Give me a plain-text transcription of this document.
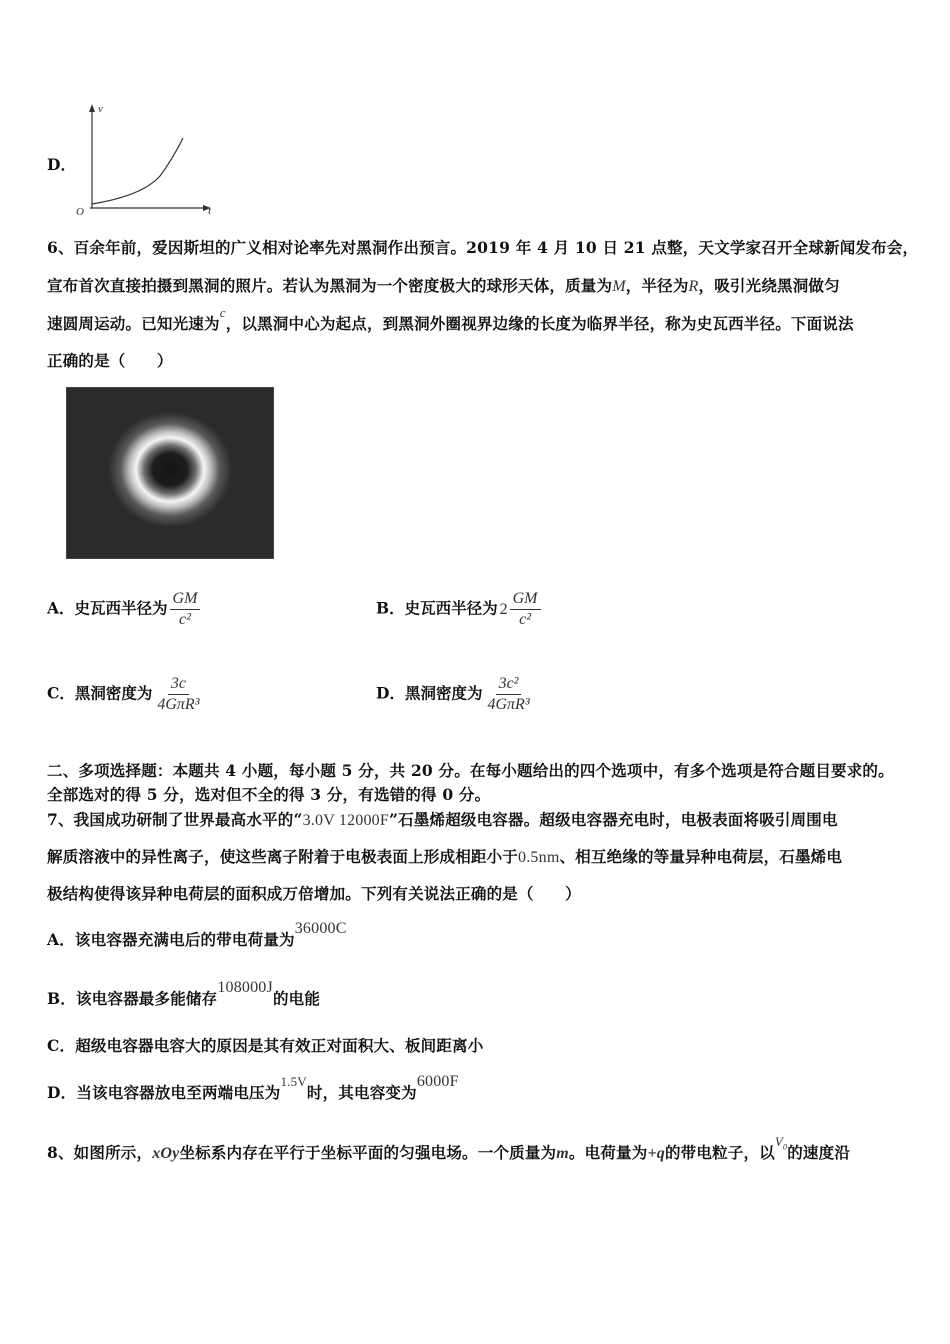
D．
v
t
O
6、百余年前，爱因斯坦的广义相对论率先对黑洞作出预言。2019 年 4 月 10 日 21 点整，天文学家召开全球新闻发布会，
宣布首次直接拍摄到黑洞的照片。若认为黑洞为一个密度极大的球形天体，质量为M，半径为R，吸引光绕黑洞做匀
速圆周运动。已知光速为$^c$，以黑洞中心为起点，到黑洞外圈视界边缘的长度为临界半径，称为史瓦西半径。下面说法
正确的是（　　）
A．史瓦西半径为 $\frac{GM}{\text{c²}}$	B．史瓦西半径为 $2 \frac{GM}{\text{c²}}$
C．黑洞密度为 $\frac{3c}{\text{4GπR³}}$	D．黑洞密度为 $\frac{\text{3c²}}{\text{4GπR³}}$
二、多项选择题：本题共 4 小题，每小题 5 分，共 20 分。在每小题给出的四个选项中，有多个选项是符合题目要求的。
全部选对的得 5 分，选对但不全的得 3 分，有选错的得 0 分。
7、我国成功研制了世界最高水平的“3.0V 12000F”石墨烯超级电容器。超级电容器充电时，电极表面将吸引周围电
解质溶液中的异性离子，使这些离子附着于电极表面上形成相距小于0.5nm、相互绝缘的等量异种电荷层，石墨烯电
极结构使得该异种电荷层的面积成万倍增加。下列有关说法正确的是（　　）
A．该电容器充满电后的带电荷量为36000C
B．该电容器最多能储存108000J的电能
C．超级电容器电容大的原因是其有效正对面积大、板间距离小
D．当该电容器放电至两端电压为$^{1.5V}$时，其电容变为6000F
8、如图所示，xOy坐标系内存在平行于坐标平面的匀强电场。一个质量为m。电荷量为+q的带电粒子，以$^{V_0}$的速度沿
